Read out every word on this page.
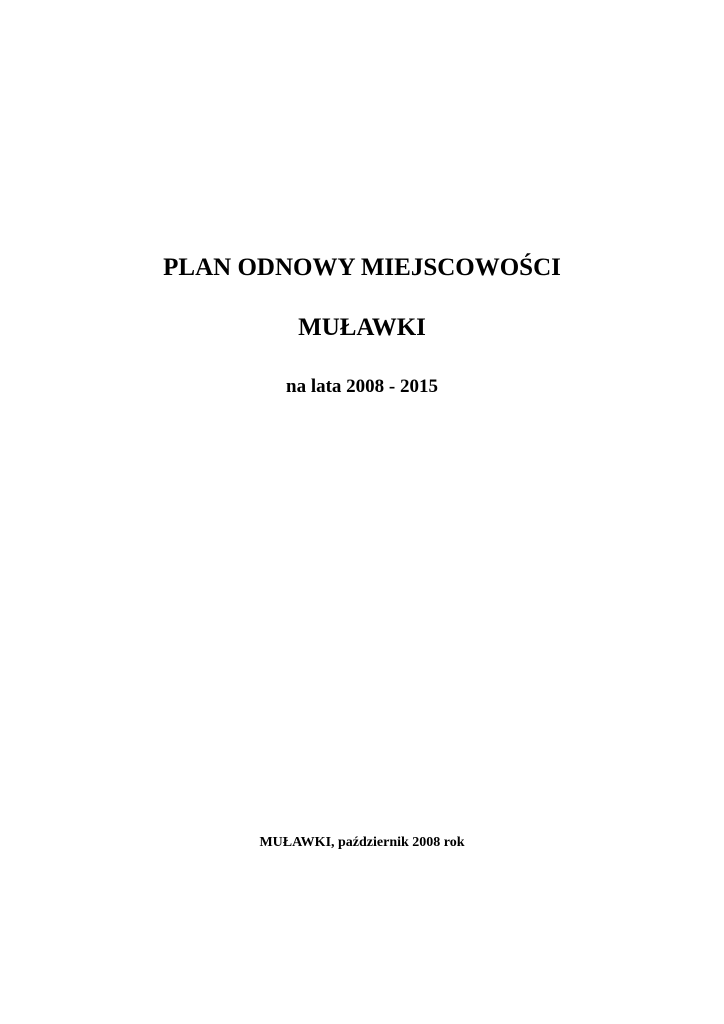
PLAN ODNOWY MIEJSCOWOŚCI
MUŁAWKI
na lata 2008 - 2015
MUŁAWKI, październik 2008 rok
